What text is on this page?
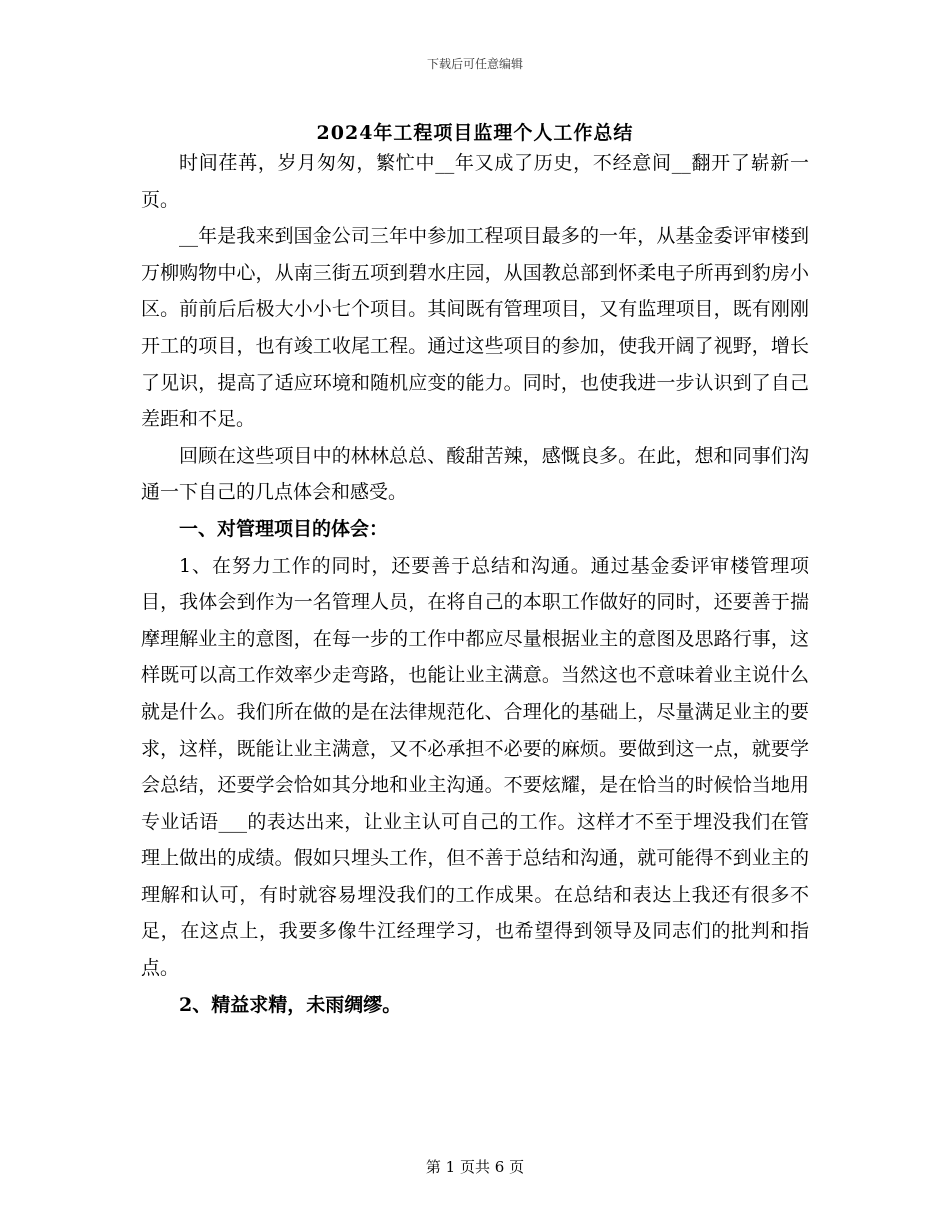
下载后可任意编辑
2024年工程项目监理个人工作总结

时间荏苒，岁月匆匆，繁忙中__年又成了历史，不经意间__翻开了崭新一页。

__年是我来到国金公司三年中参加工程项目最多的一年，从基金委评审楼到万柳购物中心，从南三街五项到碧水庄园，从国教总部到怀柔电子所再到豹房小区。前前后后极大小小七个项目。其间既有管理项目，又有监理项目，既有刚刚开工的项目，也有竣工收尾工程。通过这些项目的参加，使我开阔了视野，增长了见识，提高了适应环境和随机应变的能力。同时，也使我进一步认识到了自己差距和不足。

回顾在这些项目中的林林总总、酸甜苦辣，感慨良多。在此，想和同事们沟通一下自己的几点体会和感受。

一、对管理项目的体会：

1、在努力工作的同时，还要善于总结和沟通。通过基金委评审楼管理项目，我体会到作为一名管理人员，在将自己的本职工作做好的同时，还要善于揣摩理解业主的意图，在每一步的工作中都应尽量根据业主的意图及思路行事，这样既可以高工作效率少走弯路，也能让业主满意。当然这也不意味着业主说什么就是什么。我们所在做的是在法律规范化、合理化的基础上，尽量满足业主的要求，这样，既能让业主满意，又不必承担不必要的麻烦。要做到这一点，就要学会总结，还要学会恰如其分地和业主沟通。不要炫耀，是在恰当的时候恰当地用专业话语___的表达出来，让业主认可自己的工作。这样才不至于埋没我们在管理上做出的成绩。假如只埋头工作，但不善于总结和沟通，就可能得不到业主的理解和认可，有时就容易埋没我们的工作成果。在总结和表达上我还有很多不足，在这点上，我要多像牛江经理学习，也希望得到领导及同志们的批判和指点。

2、精益求精，未雨绸缪。

第 1 页共 6 页
